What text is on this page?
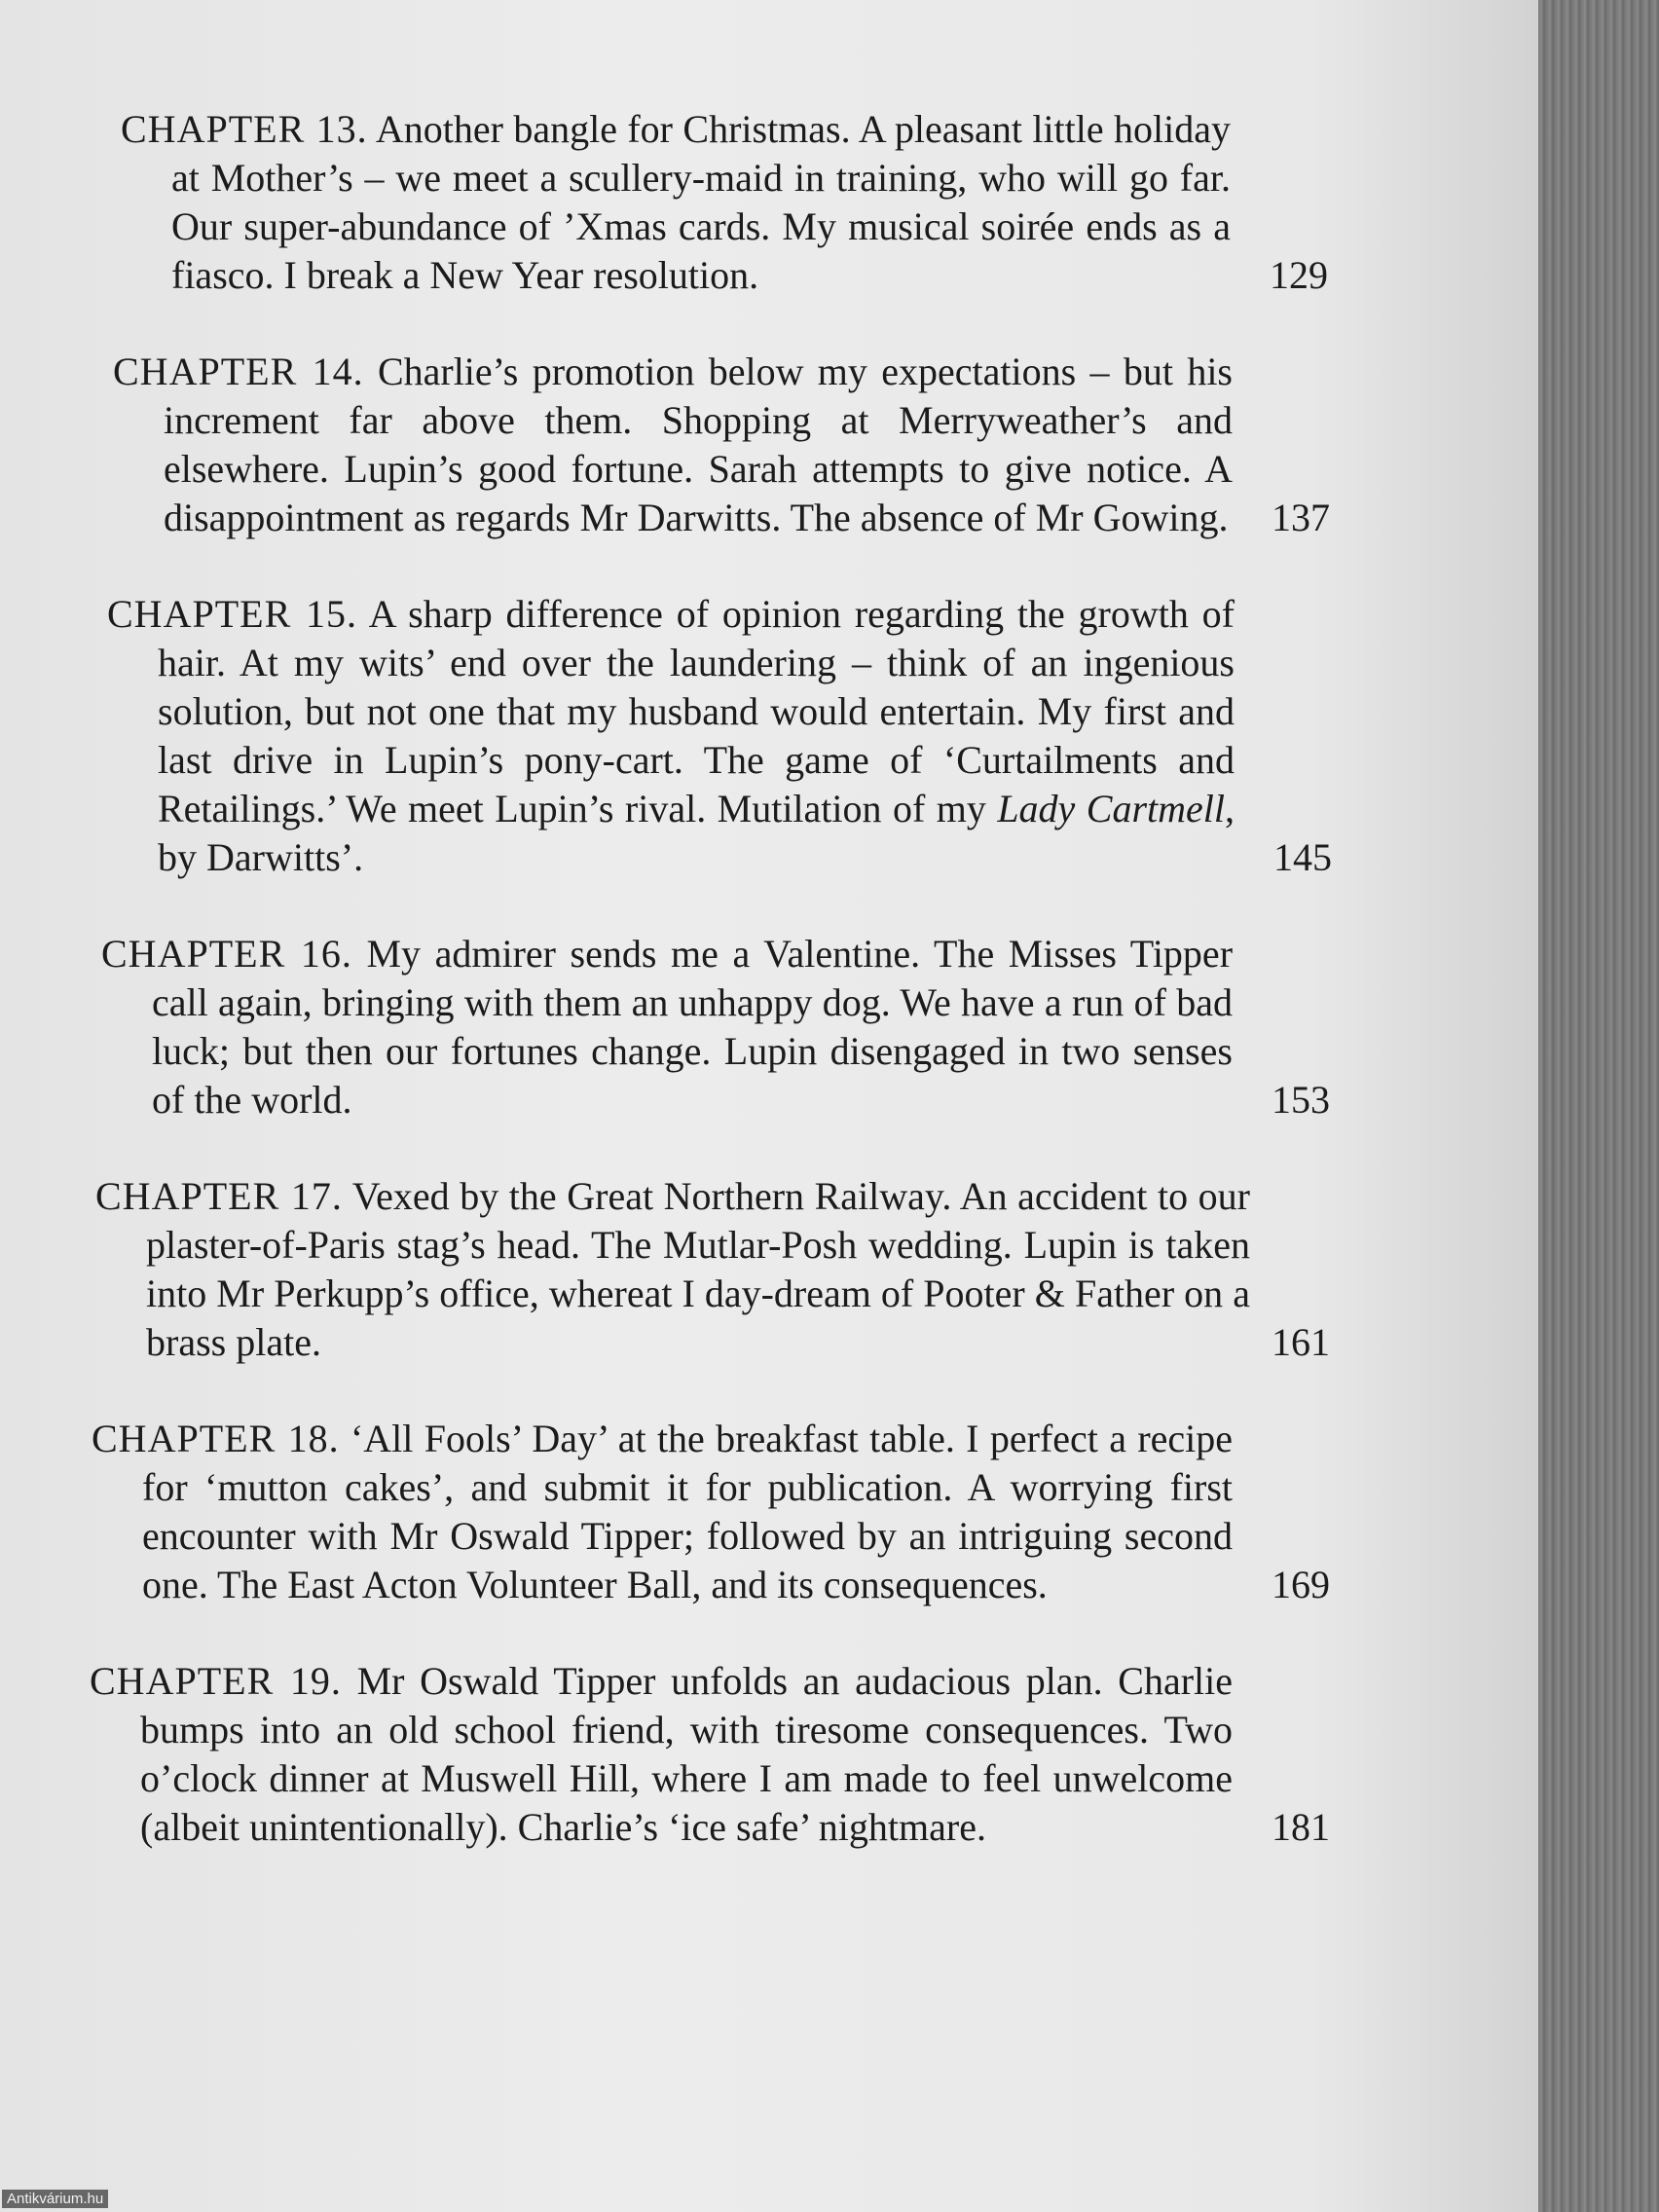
CHAPTER 13. Another bangle for Christmas. A pleasant little holiday at Mother’s – we meet a scullery-maid in training, who will go far. Our super-abundance of ’Xmas cards. My musical soirée ends as a fiasco. I break a New Year resolution.	129

CHAPTER 14. Charlie’s promotion below my expectations – but his increment far above them. Shopping at Merryweather’s and elsewhere. Lupin’s good fortune. Sarah attempts to give notice. A disappointment as regards Mr Darwitts. The absence of Mr Gowing.	137

CHAPTER 15. A sharp difference of opinion regarding the growth of hair. At my wits’ end over the laundering – think of an ingenious solution, but not one that my husband would entertain. My first and last drive in Lupin’s pony-cart. The game of ‘Curtailments and Retailings.’ We meet Lupin’s rival. Mutilation of my Lady Cartmell, by Darwitts’.	145

CHAPTER 16. My admirer sends me a Valentine. The Misses Tipper call again, bringing with them an unhappy dog. We have a run of bad luck; but then our fortunes change. Lupin disengaged in two senses of the world.	153

CHAPTER 17. Vexed by the Great Northern Railway. An accident to our plaster-of-Paris stag’s head. The Mutlar-Posh wedding. Lupin is taken into Mr Perkupp’s office, whereat I day-dream of Pooter & Father on a brass plate.	161

CHAPTER 18. ‘All Fools’ Day’ at the breakfast table. I perfect a recipe for ‘mutton cakes’, and submit it for publication. A worrying first encounter with Mr Oswald Tipper; followed by an intriguing second one. The East Acton Volunteer Ball, and its consequences.	169

CHAPTER 19. Mr Oswald Tipper unfolds an audacious plan. Charlie bumps into an old school friend, with tiresome consequences. Two o’clock dinner at Muswell Hill, where I am made to feel unwelcome (albeit unintentionally). Charlie’s ‘ice safe’ nightmare.	181
Antikvárium.hu
